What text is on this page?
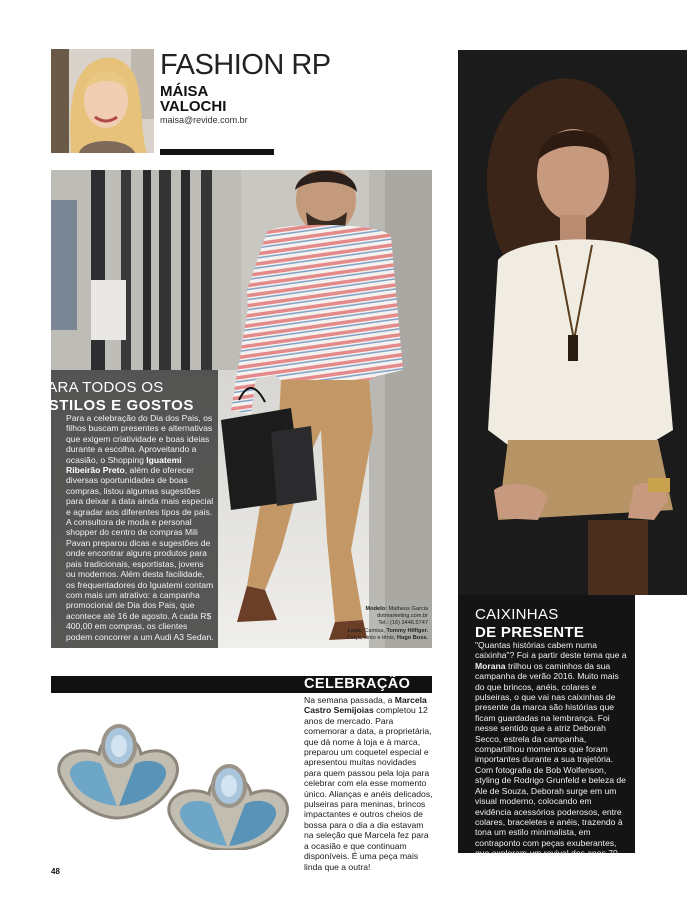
FASHION RP
MÁISA
VALOCHI
maisa@revide.com.br
PARA TODOS OS
ESTILOS E GOSTOS
Para a celebração do Dia dos Pais, os filhos buscam presentes e alternativas que exigem criatividade e boas ideias durante a escolha. Aproveitando a ocasião, o Shopping Iguatemi Ribeirão Preto, além de oferecer diversas oportunidades de boas compras, listou algumas sugestões para deixar a data ainda mais especial e agradar aos diferentes tipos de pais. A consultora de moda e personal shopper do centro de compras Mili Pavan preparou dicas e sugestões de onde encontrar alguns produtos para pais tradicionais, esportistas, jovens ou modernos. Além desta facilidade, os frequentadores do Iguatemi contam com mais um atrativo: a campanha promocional de Dia dos Pais, que acontece até 16 de agosto. A cada R$ 400,00 em compras, os clientes podem concorrer a um Audi A3 Sedan.
Modelo: Matheus Garcia
dotmarketing.com.br
Tel.: (16) 3446.5747
Look: Camisa, Tommy Hilfiger.
Calça, cinto e tênis, Hugo Boss.
CAIXINHAS
DE PRESENTE
"Quantas histórias cabem numa caixinha"? Foi a partir deste tema que a Morana trilhou os caminhos da sua campanha de verão 2016. Muito mais do que brincos, anéis, colares e pulseiras, o que vai nas caixinhas de presente da marca são histórias que ficam guardadas na lembrança. Foi nesse sentido que a atriz Deborah Secco, estrela da campanha, compartilhou momentos que foram importantes durante a sua trajetória. Com fotografia de Bob Wolfenson, styling de Rodrigo Grunfeld e beleza de Ale de Souza, Deborah surge em um visual moderno, colocando em evidência acessórios poderosos, entre colares, braceletes e anéis, trazendo à tona um estilo minimalista, em contraponto com peças exuberantes, que exploram um revival dos anos 70.
CELEBRAÇÃO
Na semana passada, a Marcela Castro Semijoias completou 12 anos de mercado. Para comemorar a data, a proprietária, que dá nome à loja e à marca, preparou um coquetel especial e apresentou muitas novidades para quem passou pela loja para celebrar com ela esse momento único. Alianças e anéis delicados, pulseiras para meninas, brincos impactantes e outros cheios de bossa para o dia a dia estavam na seleção que Marcela fez para a ocasião e que continuam disponíveis. É uma peça mais linda que a outra!
48
